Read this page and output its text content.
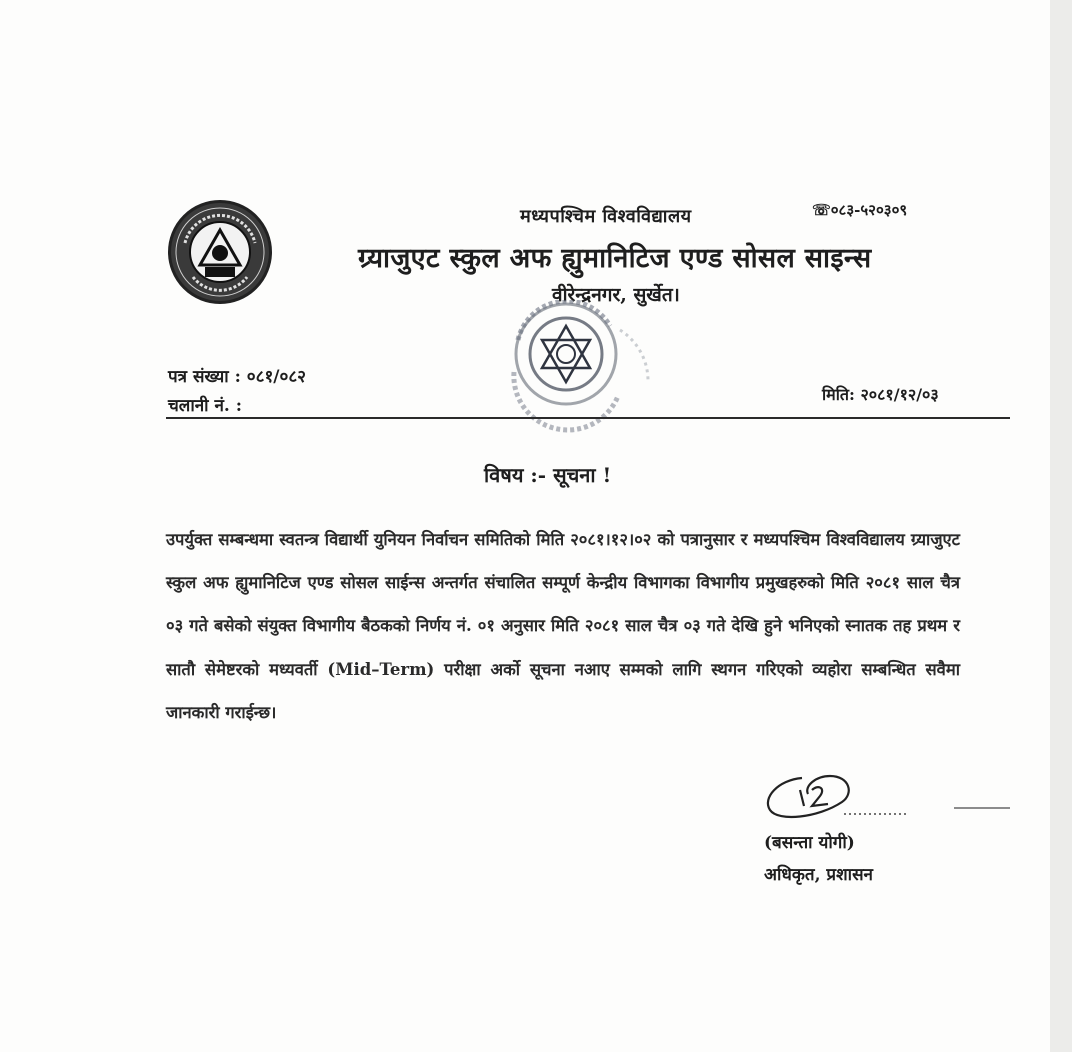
मध्यपश्चिम विश्वविद्यालय	☏०८३-५२०३०९
ग्र्याजुएट स्कुल अफ ह्युमानिटिज एण्ड सोसल साइन्स
वीरेन्द्रनगर, सुर्खेत।
पत्र संख्या : ०८१/०८२
चलानी नं. :
मिति: २०८१/१२/०३
विषय :- सूचना !
उपर्युक्त सम्बन्धमा स्वतन्त्र विद्यार्थी युनियन निर्वाचन समितिको मिति २०८१।१२।०२ को पत्रानुसार र मध्यपश्चिम विश्वविद्यालय ग्र्याजुएट स्कुल अफ ह्युमानिटिज एण्ड सोसल साईन्स अन्तर्गत संचालित सम्पूर्ण केन्द्रीय विभागका विभागीय प्रमुखहरुको मिति २०८१ साल चैत्र ०३ गते बसेको संयुक्त विभागीय बैठकको निर्णय नं. ०१ अनुसार मिति २०८१ साल चैत्र ०३ गते देखि हुने भनिएको स्नातक तह प्रथम र सातौ सेमेष्टरको मध्यवर्ती (Mid–Term) परीक्षा अर्को सूचना नआए सम्मको लागि स्थगन गरिएको व्यहोरा सम्बन्धित सवैमा जानकारी गराईन्छ।
(बसन्ता योगी)
अधिकृत, प्रशासन
